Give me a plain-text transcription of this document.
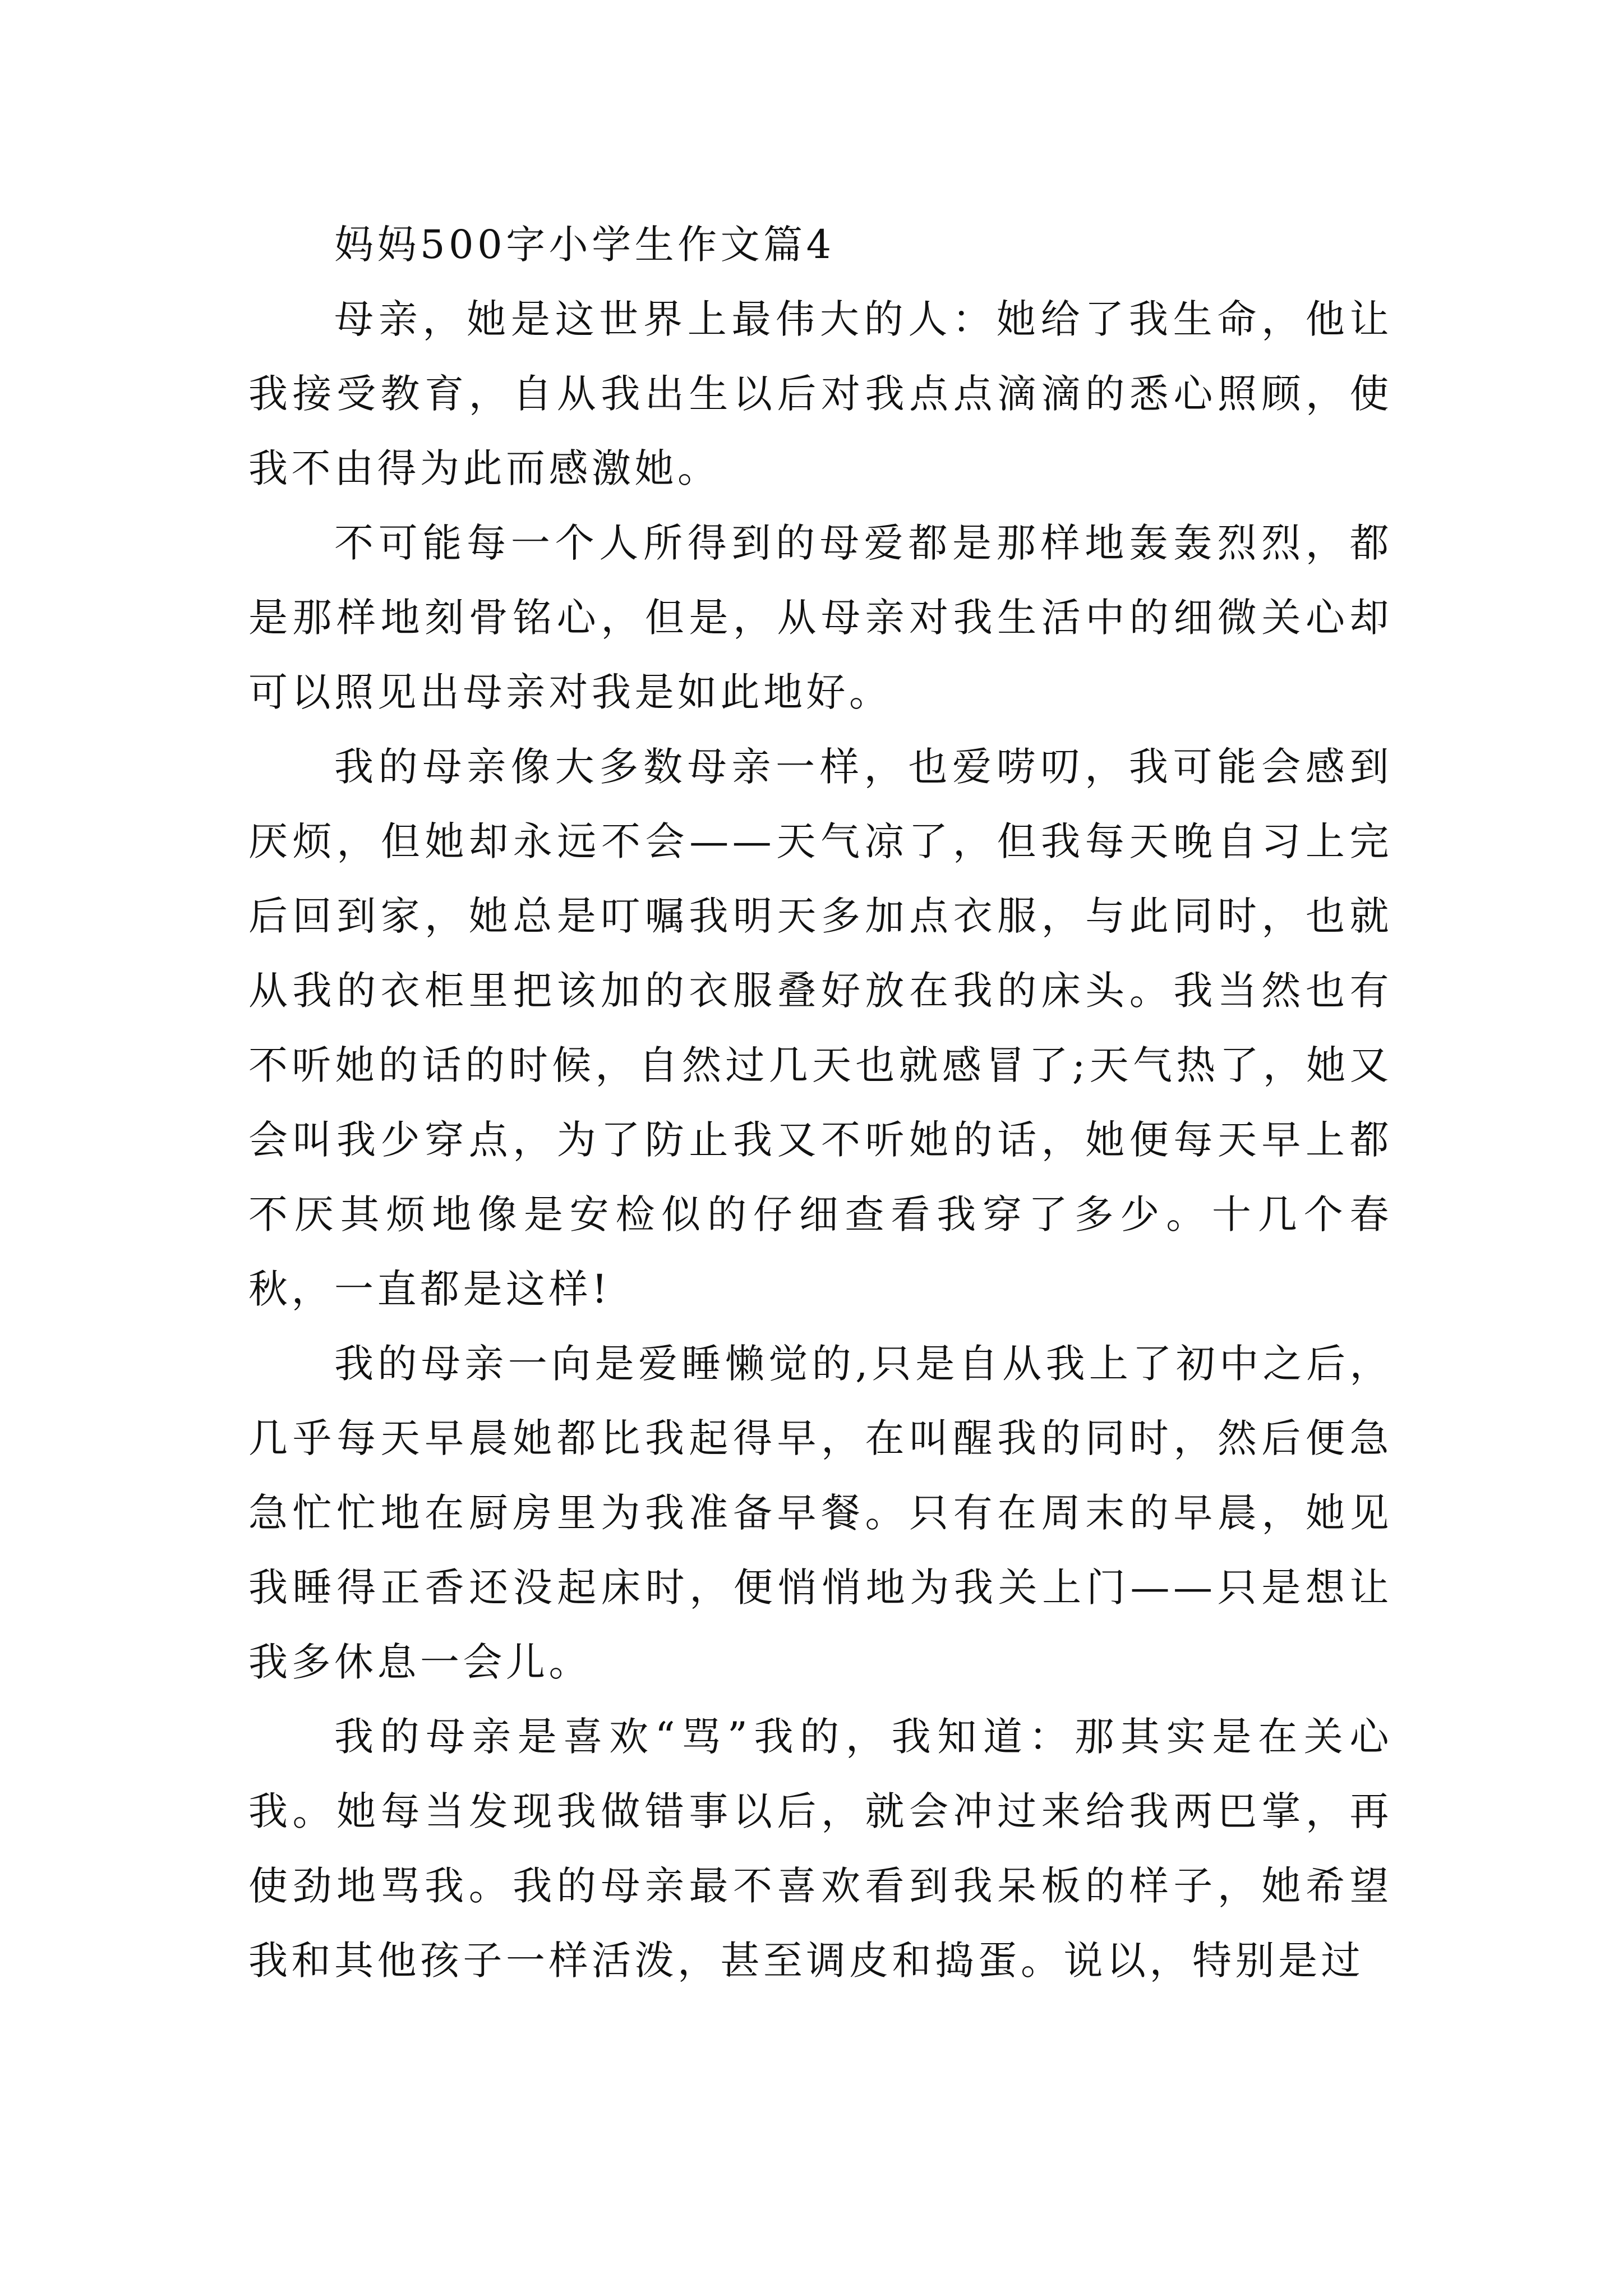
妈妈500字小学生作文篇4

母亲，她是这世界上最伟大的人：她给了我生命，他让我接受教育，自从我出生以后对我点点滴滴的悉心照顾，使我不由得为此而感激她。

不可能每一个人所得到的母爱都是那样地轰轰烈烈，都是那样地刻骨铭心，但是，从母亲对我生活中的细微关心却可以照见出母亲对我是如此地好。

我的母亲像大多数母亲一样，也爱唠叨，我可能会感到厌烦，但她却永远不会——天气凉了，但我每天晚自习上完后回到家，她总是叮嘱我明天多加点衣服，与此同时，也就从我的衣柜里把该加的衣服叠好放在我的床头。我当然也有不听她的话的时候，自然过几天也就感冒了;天气热了，她又会叫我少穿点，为了防止我又不听她的话，她便每天早上都不厌其烦地像是安检似的仔细查看我穿了多少。十几个春秋，一直都是这样!

我的母亲一向是爱睡懒觉的,只是自从我上了初中之后，几乎每天早晨她都比我起得早，在叫醒我的同时，然后便急急忙忙地在厨房里为我准备早餐。只有在周末的早晨，她见我睡得正香还没起床时，便悄悄地为我关上门——只是想让我多休息一会儿。

我的母亲是喜欢“骂”我的，我知道：那其实是在关心我。她每当发现我做错事以后，就会冲过来给我两巴掌，再使劲地骂我。我的母亲最不喜欢看到我呆板的样子，她希望我和其他孩子一样活泼，甚至调皮和捣蛋。说以，特别是过
